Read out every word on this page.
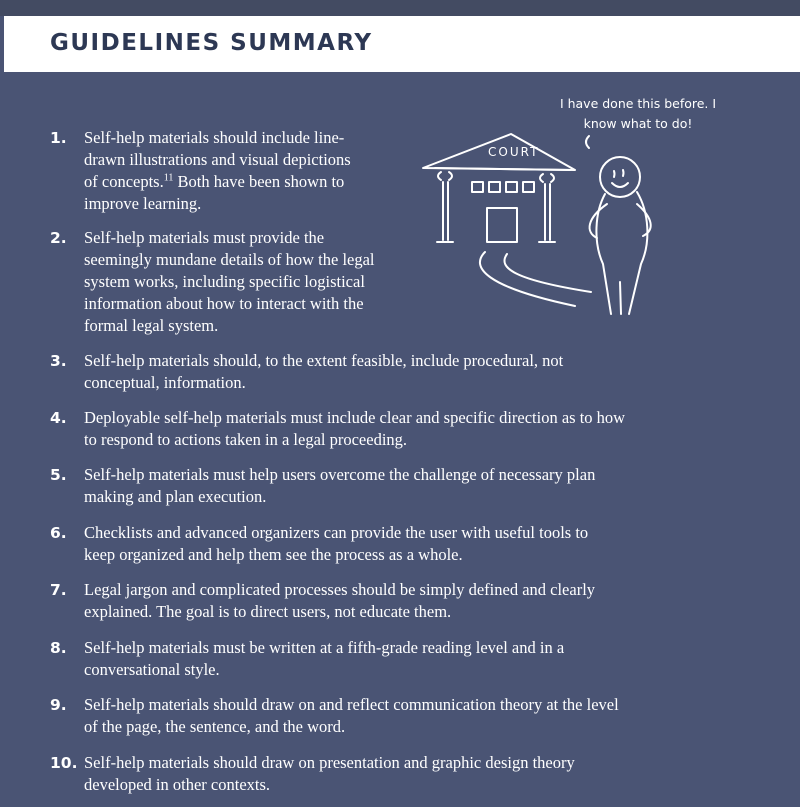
GUIDELINES SUMMARY
I have done this before. I
know what to do!
COURT
1.	Self-help materials should include line-
drawn illustrations and visual depictions
of concepts.$^{11}$ Both have been shown to
improve learning.
2.	Self-help materials must provide the
seemingly mundane details of how the legal
system works, including specific logistical
information about how to interact with the
formal legal system.
3.	Self-help materials should, to the extent feasible, include procedural, not
conceptual, information.
4.	Deployable self-help materials must include clear and specific direction as to how
to respond to actions taken in a legal proceeding.
5.	Self-help materials must help users overcome the challenge of necessary plan
making and plan execution.
6.	Checklists and advanced organizers can provide the user with useful tools to
keep organized and help them see the process as a whole.
7.	Legal jargon and complicated processes should be simply defined and clearly
explained. The goal is to direct users, not educate them.
8.	Self-help materials must be written at a fifth-grade reading level and in a
conversational style.
9.	Self-help materials should draw on and reflect communication theory at the level
of the page, the sentence, and the word.
10. Self-help materials should draw on presentation and graphic design theory
developed in other contexts.
